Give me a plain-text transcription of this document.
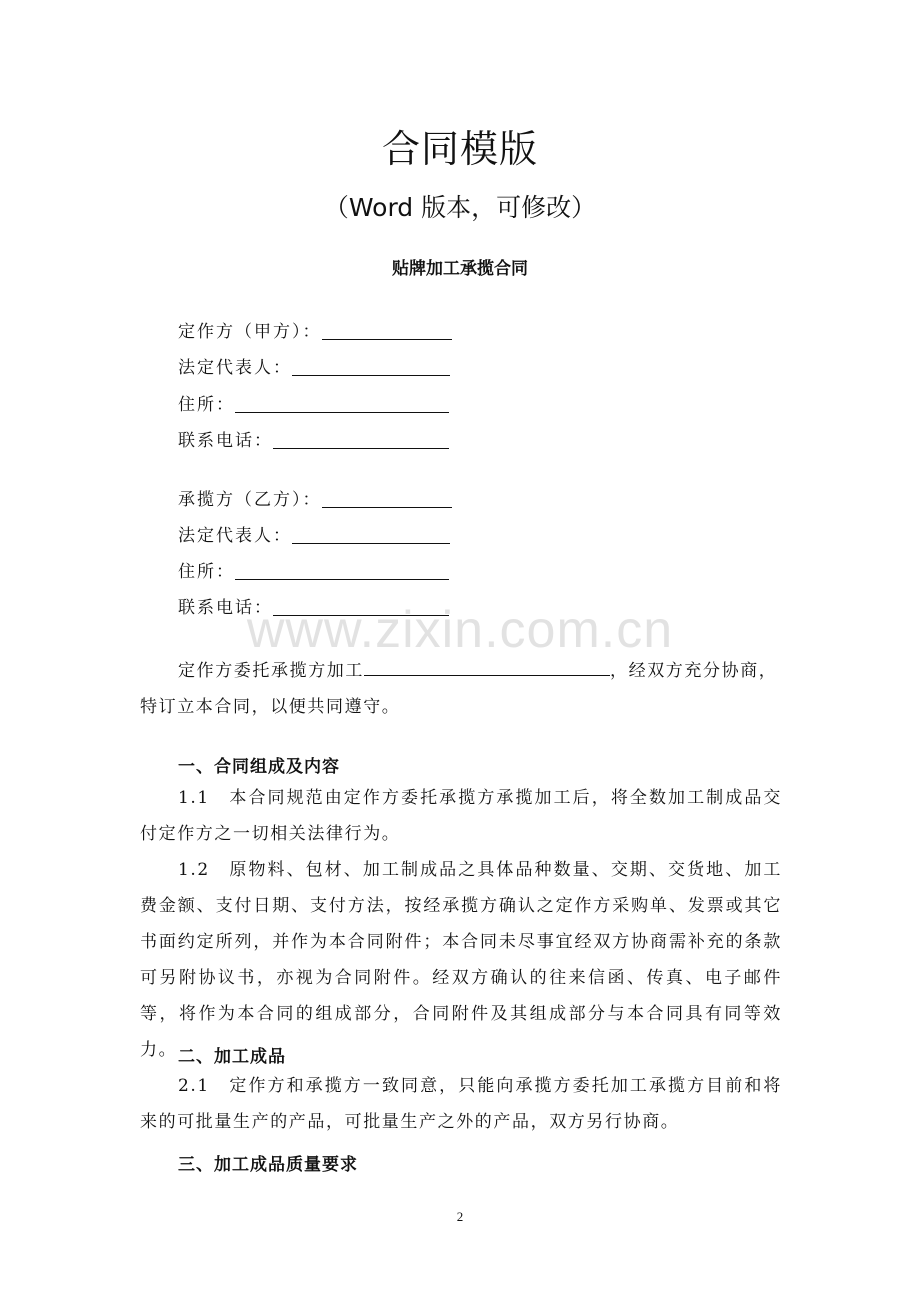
合同模版
（Word 版本，可修改）
贴牌加工承揽合同
定作方（甲方）：
法定代表人：
住所：
联系电话：
承揽方（乙方）：
法定代表人：
住所：
联系电话：
定作方委托承揽方加工	，经双方充分协商，
特订立本合同，以便共同遵守。
一、合同组成及内容
1.1　本合同规范由定作方委托承揽方承揽加工后，将全数加工制成品交付定作方之一切相关法律行为。
1.2　原物料、包材、加工制成品之具体品种数量、交期、交货地、加工费金额、支付日期、支付方法，按经承揽方确认之定作方采购单、发票或其它书面约定所列，并作为本合同附件；本合同未尽事宜经双方协商需补充的条款可另附协议书，亦视为合同附件。经双方确认的往来信函、传真、电子邮件等，将作为本合同的组成部分，合同附件及其组成部分与本合同具有同等效力。 二、加工成品
2.1　定作方和承揽方一致同意，只能向承揽方委托加工承揽方目前和将来的可批量生产的产品，可批量生产之外的产品，双方另行协商。
三、加工成品质量要求
www.zixin.com.cn
2
